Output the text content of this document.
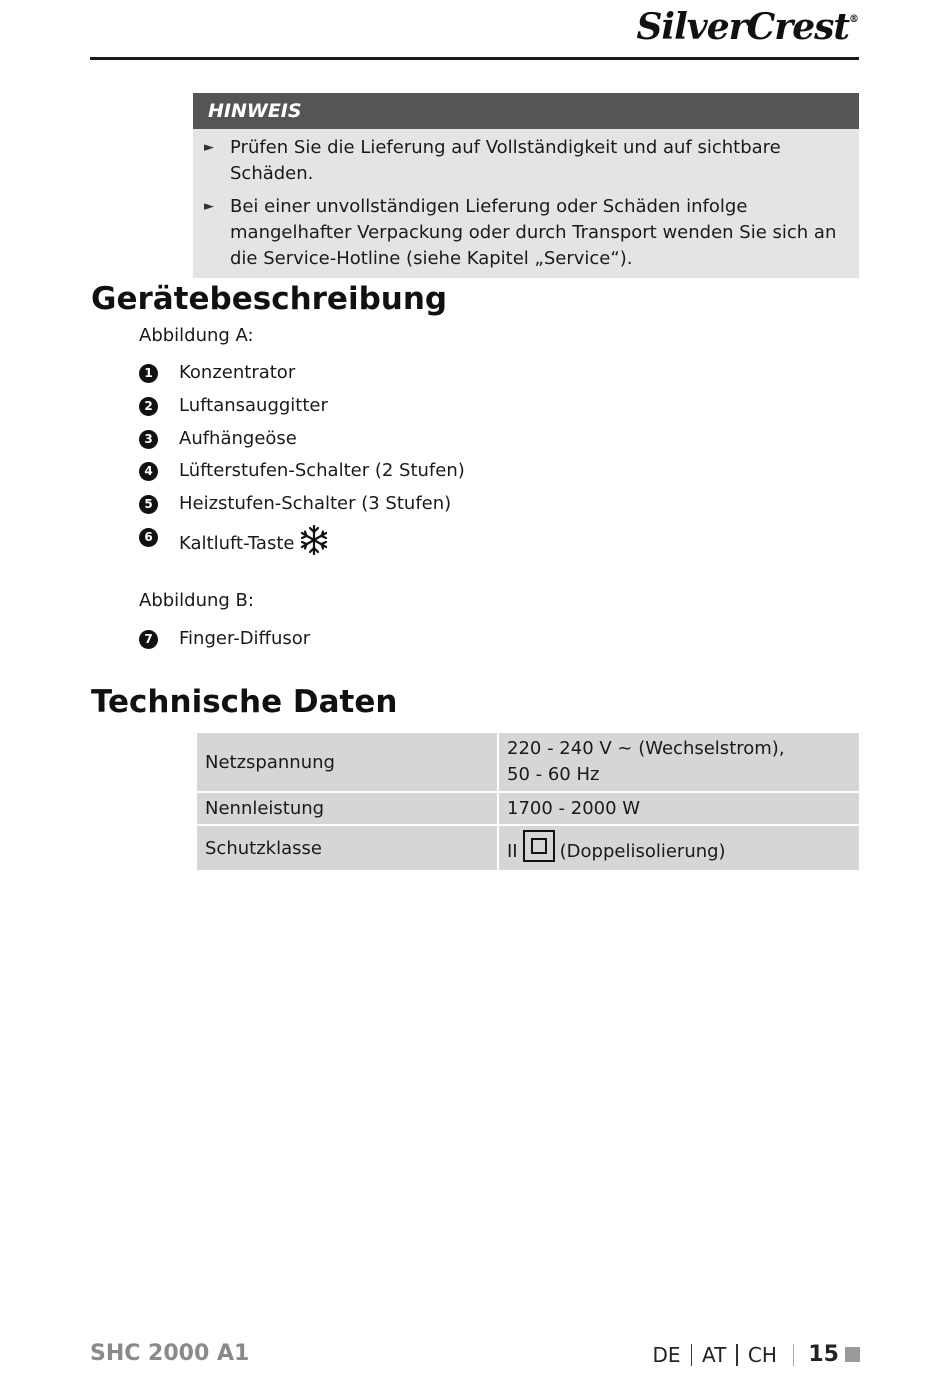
SilverCrest®
HINWEIS
► Prüfen Sie die Lieferung auf Vollständigkeit und auf sichtbare Schäden.
► Bei einer unvollständigen Lieferung oder Schäden infolge mangelhafter Verpackung oder durch Transport wenden Sie sich an die Service-Hotline (siehe Kapitel „Service“).
Gerätebeschreibung
Abbildung A:
1 Konzentrator
2 Luftansauggitter
3 Aufhängeöse
4 Lüfterstufen-Schalter (2 Stufen)
5 Heizstufen-Schalter (3 Stufen)
6 Kaltluft-Taste
Abbildung B:
7 Finger-Diffusor
Technische Daten
Netzspannung	220 - 240 V ~ (Wechselstrom),
50 - 60 Hz

Nennleistung	1700 - 2000 W
Schutzklasse	II (Doppelisolierung)
SHC 2000 A1	DE AT CH 15
